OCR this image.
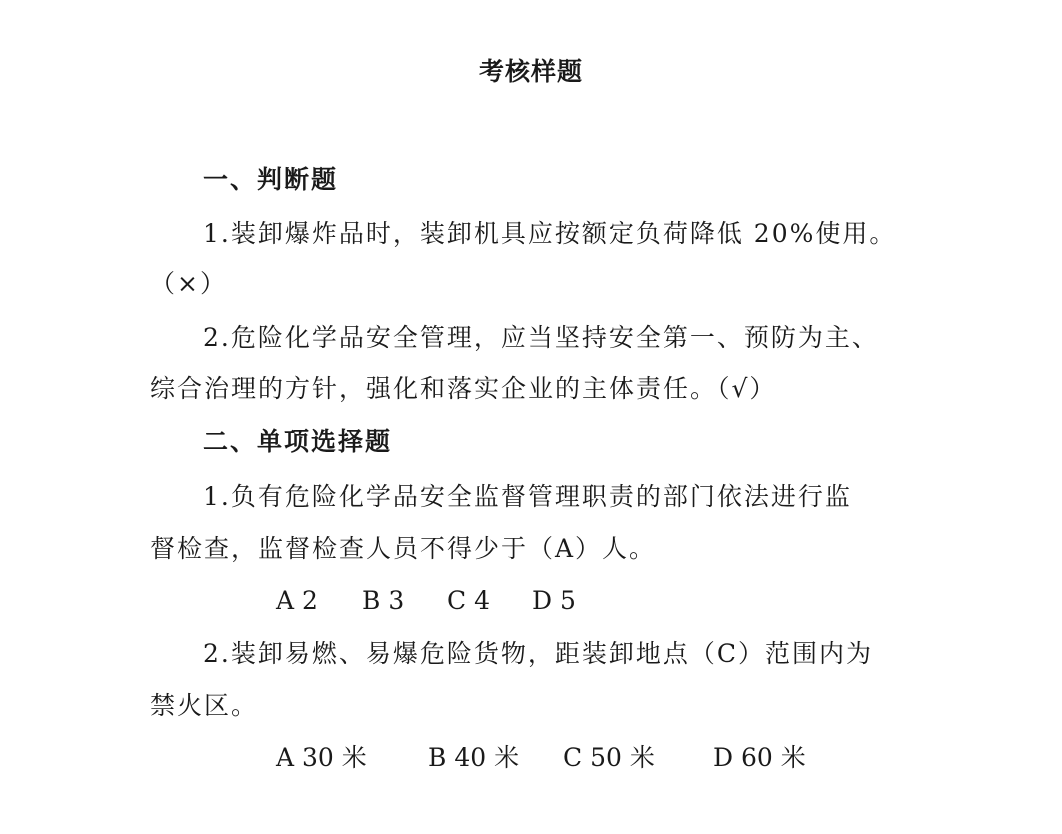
考核样题
一、判断题
1.装卸爆炸品时，装卸机具应按额定负荷降低 20%使用。
（×）
2.危险化学品安全管理，应当坚持安全第一、预防为主、
综合治理的方针，强化和落实企业的主体责任。（√）
二、单项选择题
1.负有危险化学品安全监督管理职责的部门依法进行监
督检查，监督检查人员不得少于（A）人。
A 2 B 3 C 4 D 5
2.装卸易燃、易爆危险货物，距装卸地点（C）范围内为
禁火区。
A 30 米 B 40 米 C 50 米 D 60 米
